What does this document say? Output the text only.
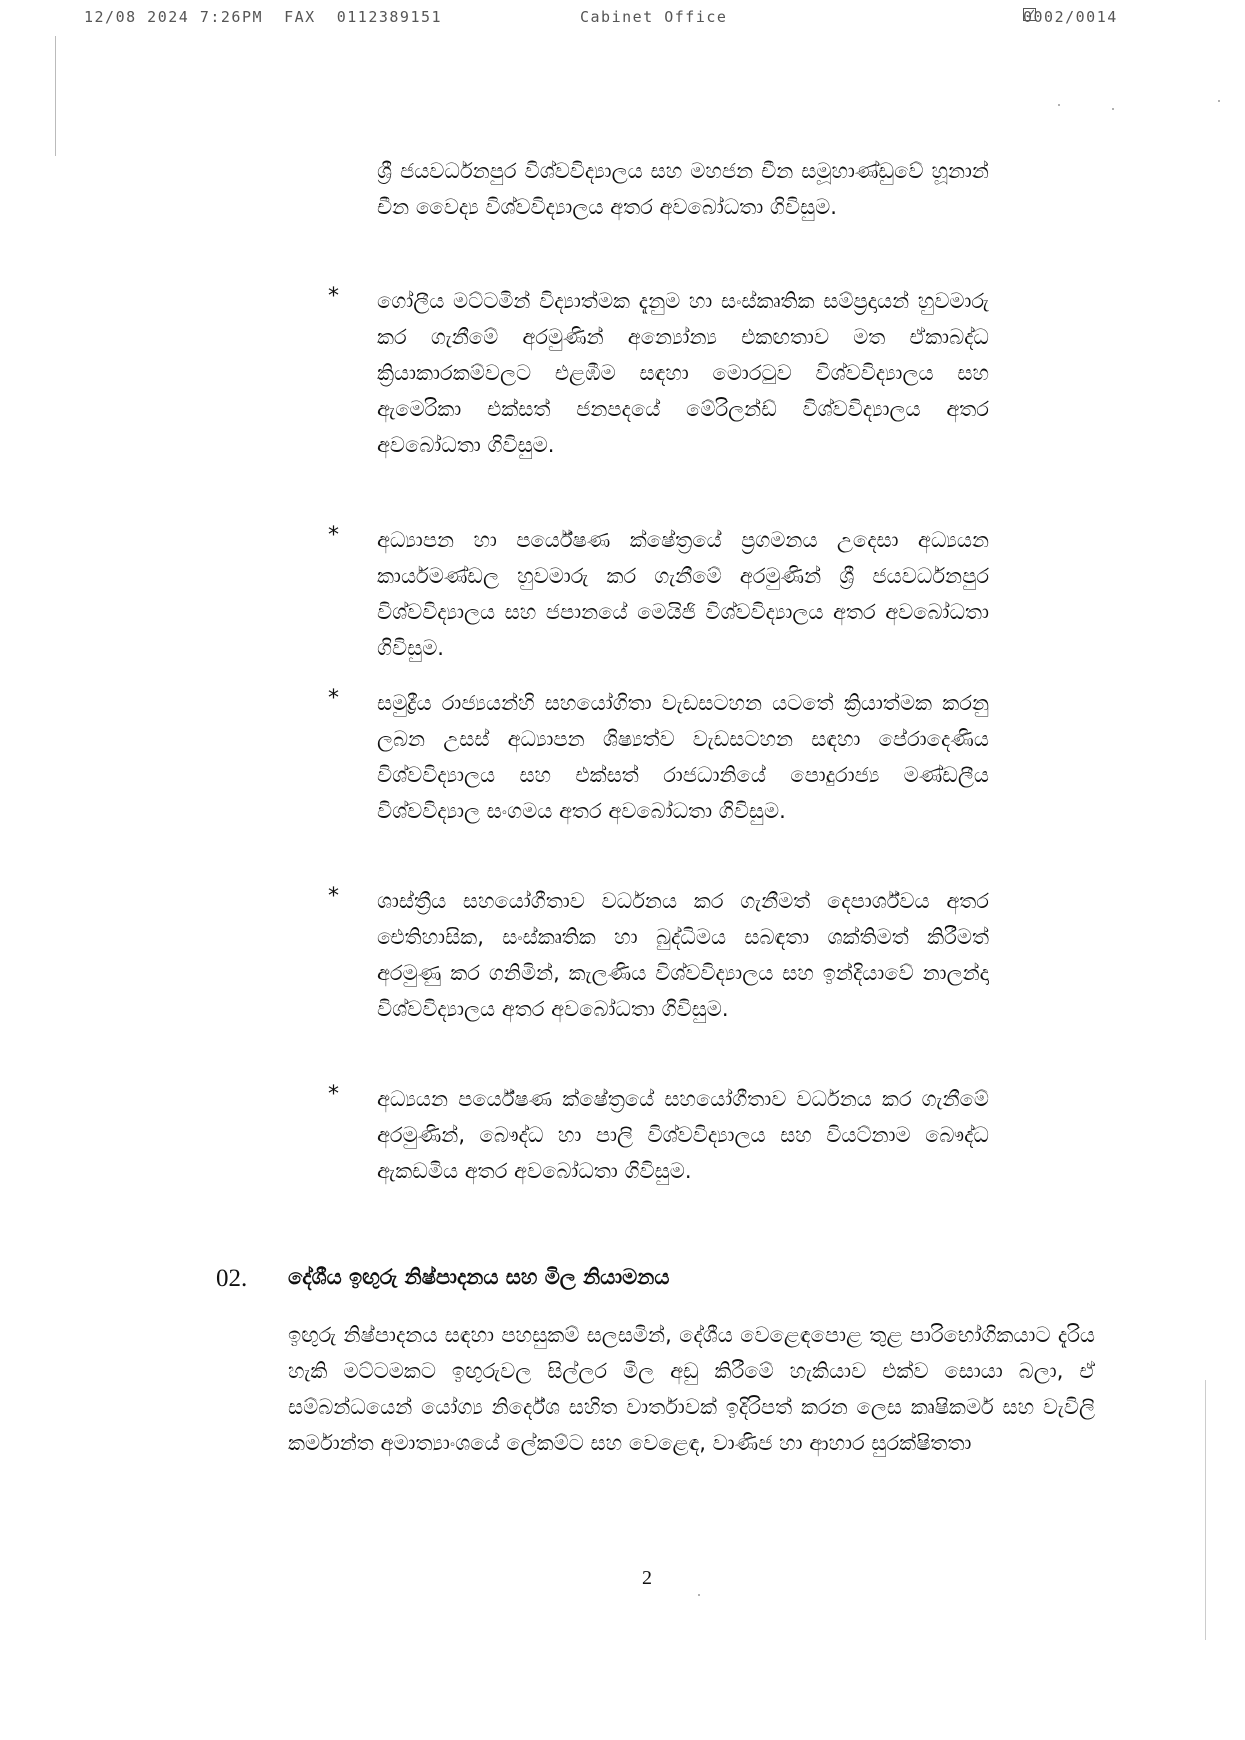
12/08 2024 7:26PM FAX 0112389151	Cabinet Office	0002/0014

ශ්‍රී ජයවර්ධනපුර විශ්වවිද්‍යාලය සහ මහජන චීන සමූහාණ්ඩුවේ හූනාන් චීන වෛද්‍ය විශ්වවිද්‍යාලය අතර අවබෝධතා ගිවිසුම.

* ගෝලීය මට්ටමින් විද්‍යාත්මක දැනුම හා සංස්කෘතික සම්ප්‍රදායන් හුවමාරු කර ගැනීමේ අරමුණින් අන්‍යෝන්‍ය එකඟතාව මත ඒකාබද්ධ ක්‍රියාකාරකම්වලට එළඹීම සඳහා මොරටුව විශ්වවිද්‍යාලය සහ ඇමෙරිකා එක්සත් ජනපදයේ මේරිලන්ඩ් විශ්වවිද්‍යාලය අතර අවබෝධතා ගිවිසුම.

* අධ්‍යාපන හා පර්යේෂණ ක්ෂේත්‍රයේ ප්‍රගමනය උදෙසා අධ්‍යයන කාර්යමණ්ඩල හුවමාරු කර ගැනීමේ අරමුණින් ශ්‍රී ජයවර්ධනපුර විශ්වවිද්‍යාලය සහ ජපානයේ මෙයිජි විශ්වවිද්‍යාලය අතර අවබෝධතා ගිවිසුම.

* සමුද්‍රීය රාජ්‍යයන්හි සහයෝගිතා වැඩසටහන යටතේ ක්‍රියාත්මක කරනු ලබන උසස් අධ්‍යාපන ශිෂ්‍යත්ව වැඩසටහන සඳහා පේරාදෙණිය විශ්වවිද්‍යාලය සහ එක්සත් රාජධානියේ පොදුරාජ්‍ය මණ්ඩලීය විශ්වවිද්‍යාල සංගමය අතර අවබෝධතා ගිවිසුම.

* ශාස්ත්‍රීය සහයෝගීතාව වර්ධනය කර ගැනීමත් දෙපාර්ශ්වය අතර ඓතිහාසික, සංස්කෘතික හා බුද්ධිමය සබඳතා ශක්තිමත් කිරීමත් අරමුණු කර ගනිමින්, කැලණිය විශ්වවිද්‍යාලය සහ ඉන්දියාවේ නාලන්දා විශ්වවිද්‍යාලය අතර අවබෝධතා ගිවිසුම.

* අධ්‍යයන පර්යේෂණ ක්ෂේත්‍රයේ සහයෝගීතාව වර්ධනය කර ගැනීමේ අරමුණින්, බෞද්ධ හා පාලි විශ්වවිද්‍යාලය සහ වියට්නාම බෞද්ධ ඇකඩමිය අතර අවබෝධතා ගිවිසුම.

02. දේශීය ඉඟුරු නිෂ්පාදනය සහ මිල නියාමනය

ඉඟුරු නිෂ්පාදනය සඳහා පහසුකම් සලසමින්, දේශීය වෙළෙඳපොළ තුළ පාරිභෝගිකයාට දැරිය හැකි මට්ටමකට ඉඟුරුවල සිල්ලර මිල අඩු කිරීමේ හැකියාව එක්ව සොයා බලා, ඒ සම්බන්ධයෙන් යෝග්‍ය නිර්දේශ සහිත වාර්තාවක් ඉදිරිපත් කරන ලෙස කෘෂිකර්ම සහ වැවිලි කර්මාන්ත අමාත්‍යාංශයේ ලේකම්ට සහ වෙළෙඳ, වාණිජ හා ආහාර සුරක්ෂිතතා

2
